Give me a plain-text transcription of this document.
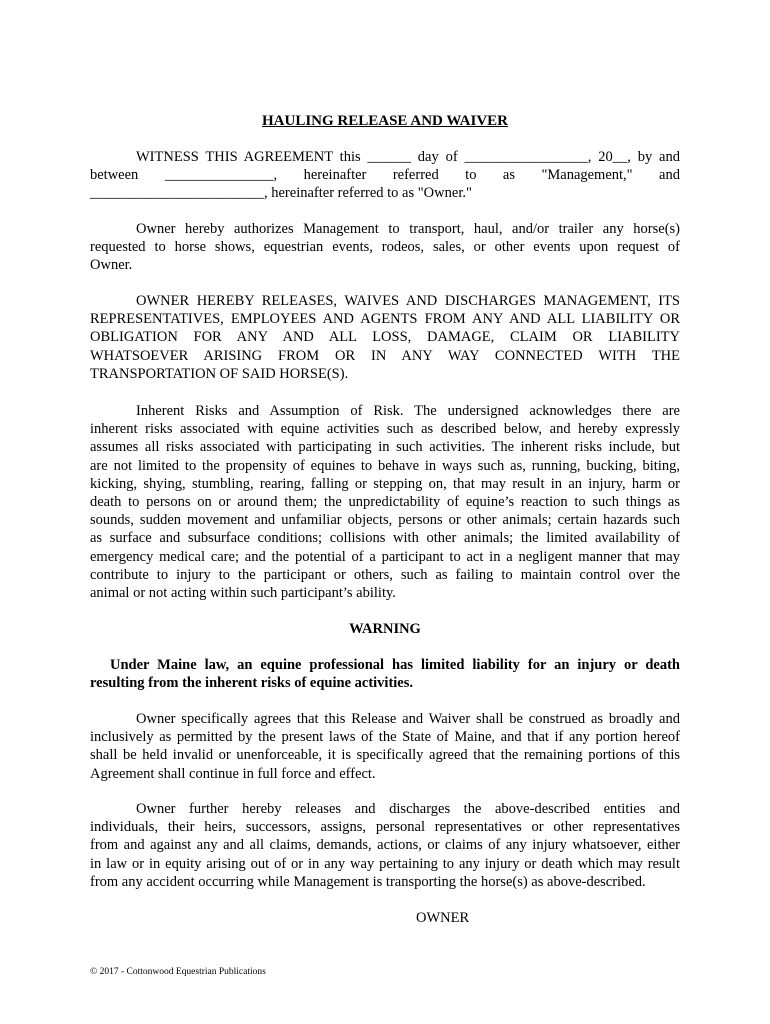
HAULING RELEASE AND WAIVER
WITNESS THIS AGREEMENT this ______ day of _________________, 20__, by and
between _______________, hereinafter referred to as "Management," and
________________________, hereinafter referred to as "Owner."
Owner hereby authorizes Management to transport, haul, and/or trailer any horse(s)
requested to horse shows, equestrian events, rodeos, sales, or other events upon request of
Owner.
OWNER HEREBY RELEASES, WAIVES AND DISCHARGES MANAGEMENT, ITS
REPRESENTATIVES, EMPLOYEES AND AGENTS FROM ANY AND ALL LIABILITY OR
OBLIGATION FOR ANY AND ALL LOSS, DAMAGE, CLAIM OR LIABILITY
WHATSOEVER ARISING FROM OR IN ANY WAY CONNECTED WITH THE
TRANSPORTATION OF SAID HORSE(S).
Inherent Risks and Assumption of Risk. The undersigned acknowledges there are
inherent risks associated with equine activities such as described below, and hereby expressly
assumes all risks associated with participating in such activities. The inherent risks include, but
are not limited to the propensity of equines to behave in ways such as, running, bucking, biting,
kicking, shying, stumbling, rearing, falling or stepping on, that may result in an injury, harm or
death to persons on or around them; the unpredictability of equine’s reaction to such things as
sounds, sudden movement and unfamiliar objects, persons or other animals; certain hazards such
as surface and subsurface conditions; collisions with other animals; the limited availability of
emergency medical care; and the potential of a participant to act in a negligent manner that may
contribute to injury to the participant or others, such as failing to maintain control over the
animal or not acting within such participant’s ability.
WARNING
Under Maine law, an equine professional has limited liability for an injury or death
resulting from the inherent risks of equine activities.
Owner specifically agrees that this Release and Waiver shall be construed as broadly and
inclusively as permitted by the present laws of the State of Maine, and that if any portion hereof
shall be held invalid or unenforceable, it is specifically agreed that the remaining portions of this
Agreement shall continue in full force and effect.
Owner further hereby releases and discharges the above-described entities and
individuals, their heirs, successors, assigns, personal representatives or other representatives
from and against any and all claims, demands, actions, or claims of any injury whatsoever, either
in law or in equity arising out of or in any way pertaining to any injury or death which may result
from any accident occurring while Management is transporting the horse(s) as above-described.
OWNER
© 2017 - Cottonwood Equestrian Publications
